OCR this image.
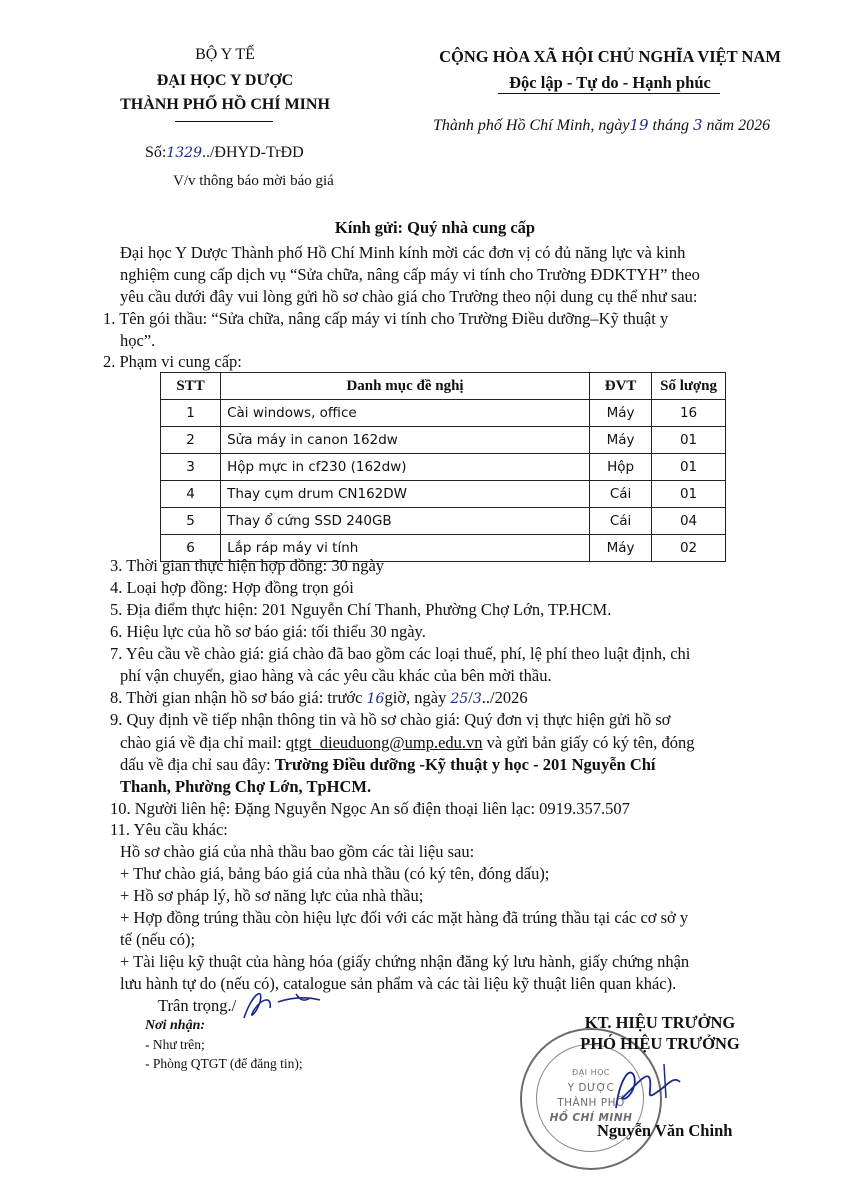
BỘ Y TẾ
ĐẠI HỌC Y DƯỢC
THÀNH PHỐ HỒ CHÍ MINH
Số:1329../ĐHYD-TrĐD
V/v thông báo mời báo giá
CỘNG HÒA XÃ HỘI CHỦ NGHĨA VIỆT NAM
Độc lập - Tự do - Hạnh phúc
Thành phố Hồ Chí Minh, ngày19 tháng 3 năm 2026
Kính gửi: Quý nhà cung cấp
Đại học Y Dược Thành phố Hồ Chí Minh kính mời các đơn vị có đủ năng lực và kinh
nghiệm cung cấp dịch vụ “Sửa chữa, nâng cấp máy vi tính cho Trường ĐDKTYH” theo
yêu cầu dưới đây vui lòng gửi hồ sơ chào giá cho Trường theo nội dung cụ thể như sau:
1. Tên gói thầu: “Sửa chữa, nâng cấp máy vi tính cho Trường Điều dưỡng–Kỹ thuật y
học”.
2. Phạm vi cung cấp:
STT	Danh mục đề nghị	ĐVT	Số lượng
1	Cài windows, office	Máy	16
2	Sửa máy in canon 162dw	Máy	01
3	Hộp mực in cf230 (162dw)	Hộp	01
4	Thay cụm drum CN162DW	Cái	01
5	Thay ổ cứng SSD 240GB	Cái	04
6	Lắp ráp máy vi tính	Máy	02
3. Thời gian thực hiện hợp đồng: 30 ngày
4. Loại hợp đồng: Hợp đồng trọn gói
5. Địa điểm thực hiện: 201 Nguyễn Chí Thanh, Phường Chợ Lớn, TP.HCM.
6. Hiệu lực của hồ sơ báo giá: tối thiểu 30 ngày.
7. Yêu cầu về chào giá: giá chào đã bao gồm các loại thuế, phí, lệ phí theo luật định, chi
phí vận chuyển, giao hàng và các yêu cầu khác của bên mời thầu.
8. Thời gian nhận hồ sơ báo giá: trước 16giờ, ngày 25/3../2026
9. Quy định về tiếp nhận thông tin và hồ sơ chào giá: Quý đơn vị thực hiện gửi hồ sơ
chào giá về địa chỉ mail: qtgt_dieuduong@ump.edu.vn và gửi bản giấy có ký tên, đóng
dấu về địa chỉ sau đây: Trường Điều dưỡng -Kỹ thuật y học - 201 Nguyễn Chí
Thanh, Phường Chợ Lớn, TpHCM.
10. Người liên hệ: Đặng Nguyễn Ngọc An số điện thoại liên lạc: 0919.357.507
11. Yêu cầu khác:
Hồ sơ chào giá của nhà thầu bao gồm các tài liệu sau:
+ Thư chào giá, bảng báo giá của nhà thầu (có ký tên, đóng dấu);
+ Hồ sơ pháp lý, hồ sơ năng lực của nhà thầu;
+ Hợp đồng trúng thầu còn hiệu lực đối với các mặt hàng đã trúng thầu tại các cơ sở y
tế (nếu có);
+ Tài liệu kỹ thuật của hàng hóa (giấy chứng nhận đăng ký lưu hành, giấy chứng nhận
lưu hành tự do (nếu có), catalogue sản phẩm và các tài liệu kỹ thuật liên quan khác).
Trân trọng./
Nơi nhận:
- Như trên;
- Phòng QTGT (để đăng tin);
ĐẠI HỌC
Y DƯỢC
THÀNH PHỐ
HỒ CHÍ MINH
KT. HIỆU TRƯỞNG
PHÓ HIỆU TRƯỞNG
Nguyễn Văn Chinh
